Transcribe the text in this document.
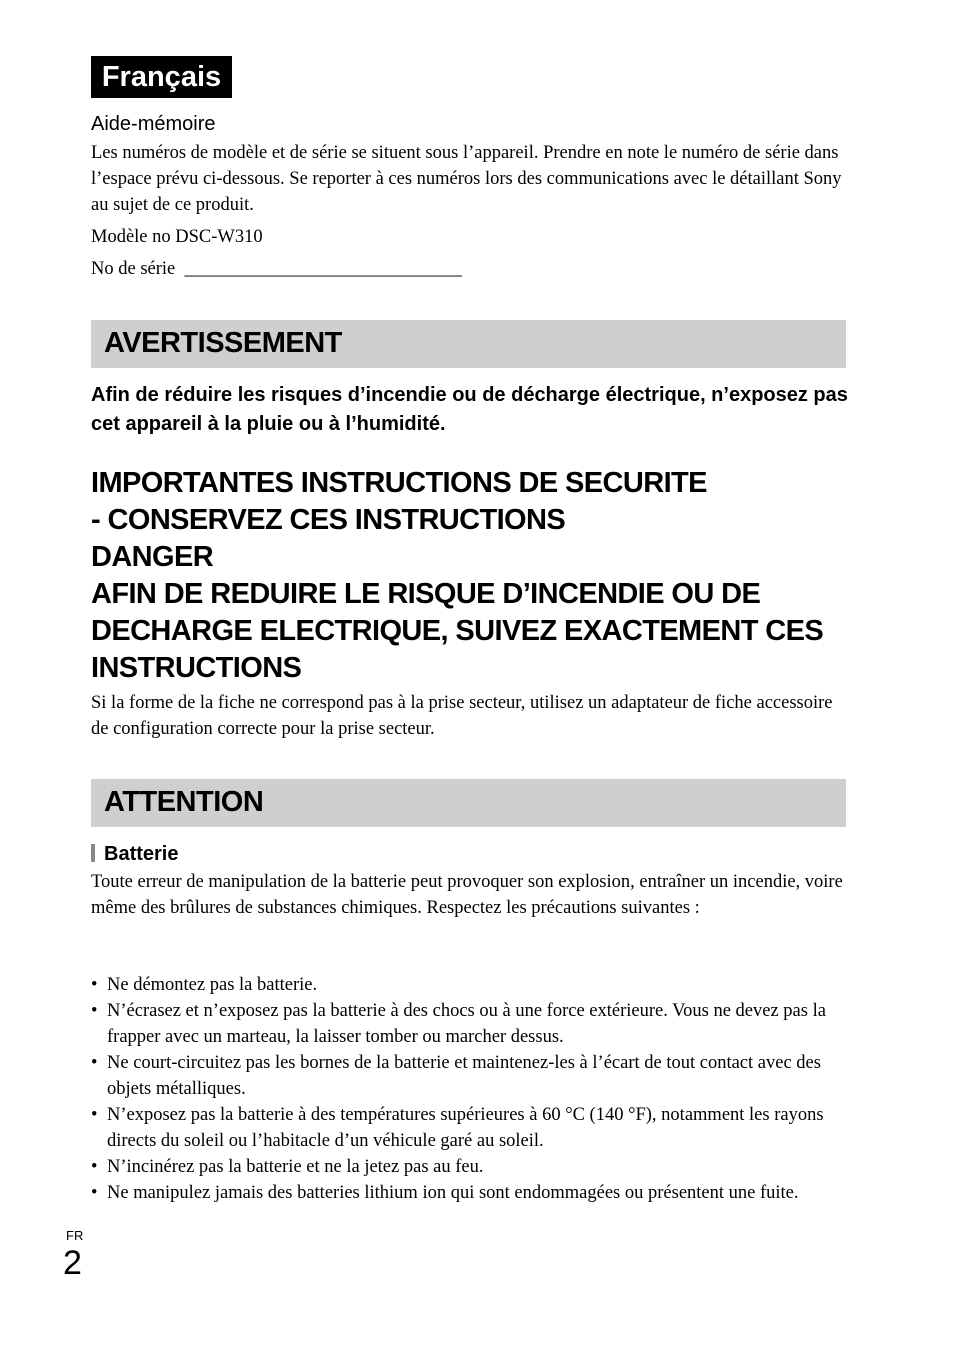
Français
Aide-mémoire
Les numéros de modèle et de série se situent sous l’appareil. Prendre en note le numéro de série dans l’espace prévu ci-dessous. Se reporter à ces numéros lors des communications avec le détaillant Sony au sujet de ce produit.
Modèle no DSC-W310
No de série  ______________________________
AVERTISSEMENT
Afin de réduire les risques d’incendie ou de décharge électrique, n’exposez pas cet appareil à la pluie ou à l’humidité.
IMPORTANTES INSTRUCTIONS DE SECURITE
- CONSERVEZ CES INSTRUCTIONS
DANGER
AFIN DE REDUIRE LE RISQUE D’INCENDIE OU DE
DECHARGE ELECTRIQUE, SUIVEZ EXACTEMENT CES
INSTRUCTIONS
Si la forme de la fiche ne correspond pas à la prise secteur, utilisez un adaptateur de fiche accessoire de configuration correcte pour la prise secteur.
ATTENTION
Batterie
Toute erreur de manipulation de la batterie peut provoquer son explosion, entraîner un incendie, voire même des brûlures de substances chimiques. Respectez les précautions suivantes :
• Ne démontez pas la batterie.
• N’écrasez et n’exposez pas la batterie à des chocs ou à une force extérieure. Vous ne devez pas la frapper avec un marteau, la laisser tomber ou marcher dessus.
• Ne court-circuitez pas les bornes de la batterie et maintenez-les à l’écart de tout contact avec des objets métalliques.
• N’exposez pas la batterie à des températures supérieures à 60 °C (140 °F), notamment les rayons directs du soleil ou l’habitacle d’un véhicule garé au soleil.
• N’incinérez pas la batterie et ne la jetez pas au feu.
• Ne manipulez jamais des batteries lithium ion qui sont endommagées ou présentent une fuite.
FR
2
